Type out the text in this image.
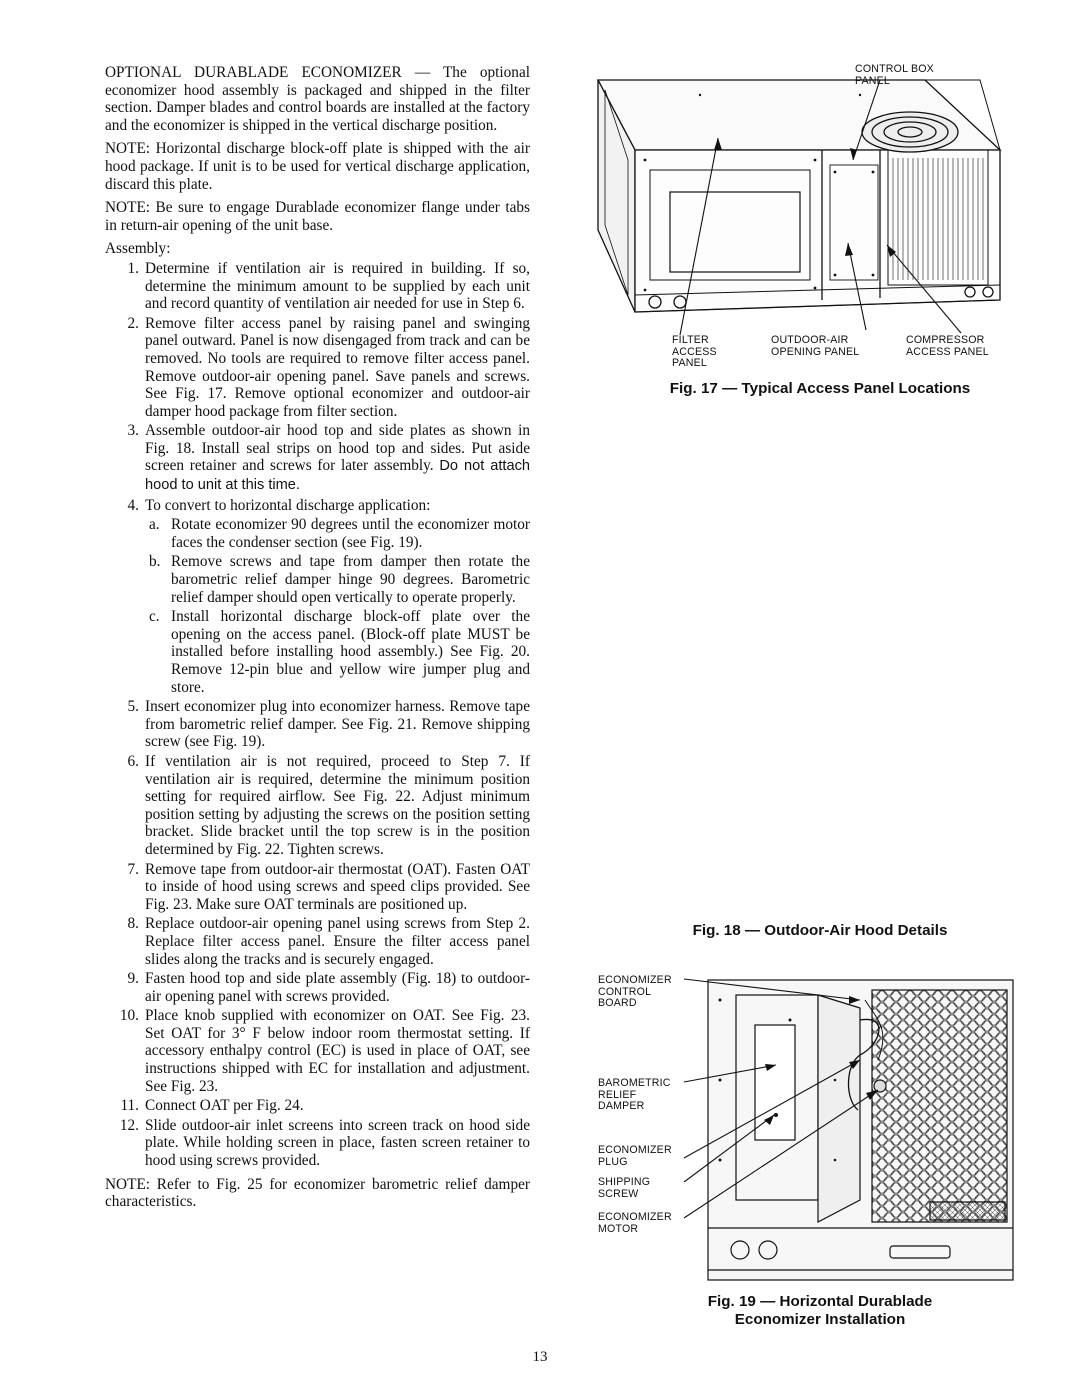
OPTIONAL DURABLADE ECONOMIZER — The optional economizer hood assembly is packaged and shipped in the filter section. Damper blades and control boards are installed at the factory and the economizer is shipped in the vertical discharge position.

NOTE: Horizontal discharge block-off plate is shipped with the air hood package. If unit is to be used for vertical discharge application, discard this plate.

NOTE: Be sure to engage Durablade economizer flange under tabs in return-air opening of the unit base.

Assembly:

1. Determine if ventilation air is required in building. If so, determine the minimum amount to be supplied by each unit and record quantity of ventilation air needed for use in Step 6.
2. Remove filter access panel by raising panel and swinging panel outward. Panel is now disengaged from track and can be removed. No tools are required to remove filter access panel. Remove outdoor-air opening panel. Save panels and screws. See Fig. 17. Remove optional economizer and outdoor-air damper hood package from filter section.
3. Assemble outdoor-air hood top and side plates as shown in Fig. 18. Install seal strips on hood top and sides. Put aside screen retainer and screws for later assembly. Do not attach hood to unit at this time.
4. To convert to horizontal discharge application:
a. Rotate economizer 90 degrees until the economizer motor faces the condenser section (see Fig. 19).
b. Remove screws and tape from damper then rotate the barometric relief damper hinge 90 degrees. Barometric relief damper should open vertically to operate properly.
c. Install horizontal discharge block-off plate over the opening on the access panel. (Block-off plate MUST be installed before installing hood assembly.) See Fig. 20. Remove 12-pin blue and yellow wire jumper plug and store.
5. Insert economizer plug into economizer harness. Remove tape from barometric relief damper. See Fig. 21. Remove shipping screw (see Fig. 19).
6. If ventilation air is not required, proceed to Step 7. If ventilation air is required, determine the minimum position setting for required airflow. See Fig. 22. Adjust minimum position setting by adjusting the screws on the position setting bracket. Slide bracket until the top screw is in the position determined by Fig. 22. Tighten screws.
7. Remove tape from outdoor-air thermostat (OAT). Fasten OAT to inside of hood using screws and speed clips provided. See Fig. 23. Make sure OAT terminals are positioned up.
8. Replace outdoor-air opening panel using screws from Step 2. Replace filter access panel. Ensure the filter access panel slides along the tracks and is securely engaged.
9. Fasten hood top and side plate assembly (Fig. 18) to outdoor-air opening panel with screws provided.
10. Place knob supplied with economizer on OAT. See Fig. 23. Set OAT for 3° F below indoor room thermostat setting. If accessory enthalpy control (EC) is used in place of OAT, see instructions shipped with EC for installation and adjustment. See Fig. 23.
11. Connect OAT per Fig. 24.
12. Slide outdoor-air inlet screens into screen track on hood side plate. While holding screen in place, fasten screen retainer to hood using screws provided.

NOTE: Refer to Fig. 25 for economizer barometric relief damper characteristics.

CONTROL BOX
PANEL
FILTER
ACCESS
PANEL
OUTDOOR-AIR
OPENING PANEL
COMPRESSOR
ACCESS PANEL
Fig. 17 — Typical Access Panel Locations
Fig. 18 — Outdoor-Air Hood Details
ECONOMIZER
CONTROL
BOARD
BAROMETRIC
RELIEF
DAMPER
ECONOMIZER
PLUG
SHIPPING
SCREW
ECONOMIZER
MOTOR
Fig. 19 — Horizontal Durablade
Economizer Installation
13
